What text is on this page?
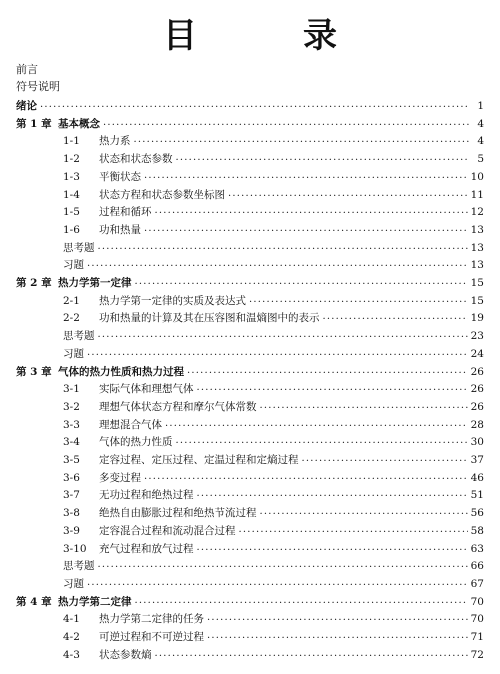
目　录
前言
符号说明
绪论 ·····	1
第 1 章 基本概念 ·····	4
1-1	热力系 ·····	4
1-2	状态和状态参数 ·····	5
1-3	平衡状态 ·····	10
1-4	状态方程和状态参数坐标图 ·····	11
1-5	过程和循环 ·····	12
1-6	功和热量 ·····	13
思考题 ·····	13
习题 ·····	13
第 2 章 热力学第一定律 ·····	15
2-1	热力学第一定律的实质及表达式 ·····	15
2-2	功和热量的计算及其在压容图和温熵图中的表示 ·····	19
思考题 ·····	23
习题 ·····	24
第 3 章 气体的热力性质和热力过程 ·····	26
3-1	实际气体和理想气体 ·····	26
3-2	理想气体状态方程和摩尔气体常数 ·····	26
3-3	理想混合气体 ·····	28
3-4	气体的热力性质 ·····	30
3-5	定容过程、定压过程、定温过程和定熵过程 ·····	37
3-6	多变过程 ·····	46
3-7	无功过程和绝热过程 ·····	51
3-8	绝热自由膨胀过程和绝热节流过程 ·····	56
3-9	定容混合过程和流动混合过程 ·····	58
3-10	充气过程和放气过程 ·····	63
思考题 ·····	66
习题 ·····	67
第 4 章 热力学第二定律 ·····	70
4-1	热力学第二定律的任务 ·····	70
4-2	可逆过程和不可逆过程 ·····	71
4-3	状态参数熵 ·····	72
